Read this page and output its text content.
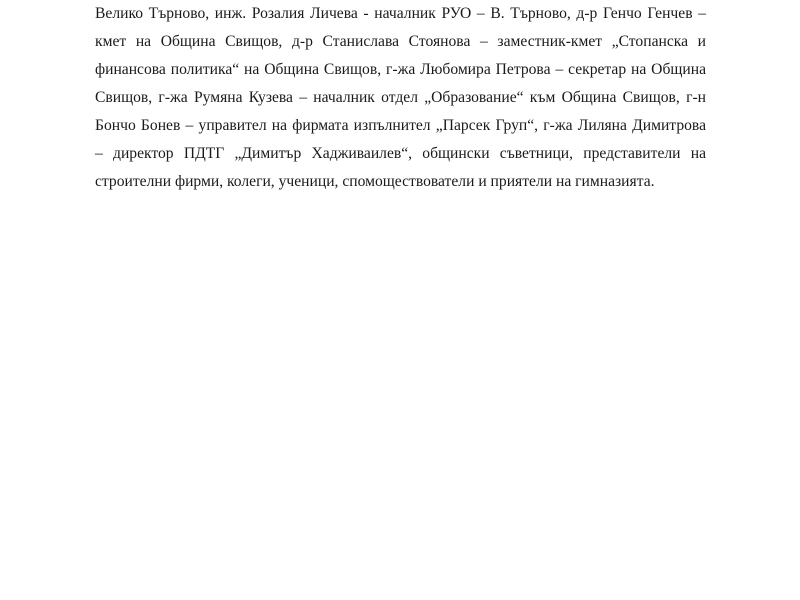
Велико Търново, инж. Розалия Личева - началник РУО – В. Търново, д-р Генчо Генчев –
кмет на Община Свищов, д-р Станислава Стоянова – заместник-кмет „Стопанска и
финансова политика“ на Община Свищов, г-жа Любомира Петрова – секретар на Община
Свищов, г-жа Румяна Кузева – началник отдел „Образование“ към Община Свищов, г-н
Бончо Бонев – управител на фирмата изпълнител „Парсек Груп“, г-жа Лиляна Димитрова
– директор ПДТГ „Димитър Хадживаилев“, общински съветници, представители на
строителни фирми, колеги, ученици, спомоществователи и приятели на гимназията.
